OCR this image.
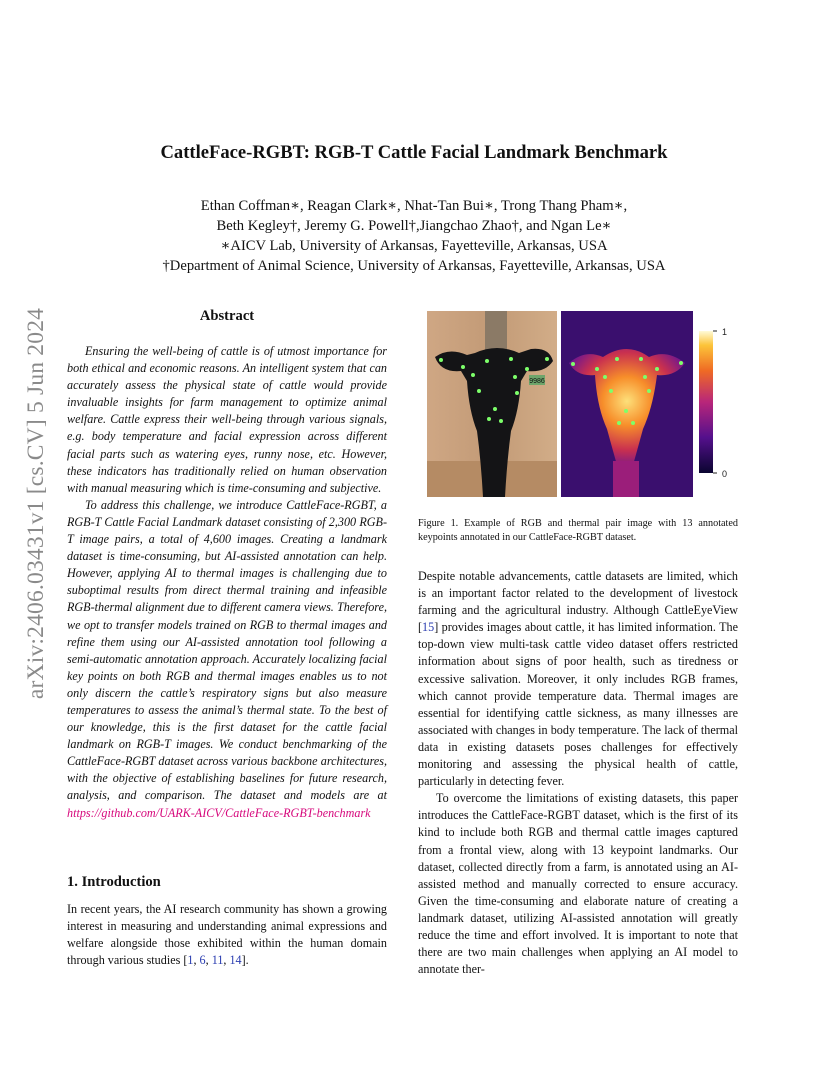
arXiv:2406.03431v1 [cs.CV] 5 Jun 2024
CattleFace-RGBT: RGB-T Cattle Facial Landmark Benchmark
Ethan Coffman∗, Reagan Clark∗, Nhat-Tan Bui∗, Trong Thang Pham∗,
Beth Kegley†, Jeremy G. Powell†,Jiangchao Zhao†, and Ngan Le∗
∗AICV Lab, University of Arkansas, Fayetteville, Arkansas, USA
†Department of Animal Science, University of Arkansas, Fayetteville, Arkansas, USA
Abstract

Ensuring the well-being of cattle is of utmost importance for both ethical and economic reasons. An intelligent system that can accurately assess the physical state of cattle would provide invaluable insights for farm management to optimize animal welfare. Cattle express their well-being through various signals, e.g. body temperature and facial expression across different facial parts such as watering eyes, runny nose, etc. However, these indicators has traditionally relied on human observation with manual measuring which is time-consuming and subjective.

To address this challenge, we introduce CattleFace-RGBT, a RGB-T Cattle Facial Landmark dataset consisting of 2,300 RGB-T image pairs, a total of 4,600 images. Creating a landmark dataset is time-consuming, but AI-assisted annotation can help. However, applying AI to thermal images is challenging due to suboptimal results from direct thermal training and infeasible RGB-thermal alignment due to different camera views. Therefore, we opt to transfer models trained on RGB to thermal images and refine them using our AI-assisted annotation tool following a semi-automatic annotation approach. Accurately localizing facial key points on both RGB and thermal images enables us to not only discern the cattle’s respiratory signs but also measure temperatures to assess the animal’s thermal state. To the best of our knowledge, this is the first dataset for the cattle facial landmark on RGB-T images. We conduct benchmarking of the CattleFace-RGBT dataset across various backbone architectures, with the objective of establishing baselines for future research, analysis, and comparison. The dataset and models are at https://github.com/UARK-AICV/CattleFace-RGBT-benchmark

1. Introduction

In recent years, the AI research community has shown a growing interest in measuring and understanding animal expressions and welfare alongside those exhibited within the human domain through various studies [1, 6, 11, 14].

9986
1
0
Figure 1. Example of RGB and thermal pair image with 13 annotated keypoints annotated in our CattleFace-RGBT dataset.

Despite notable advancements, cattle datasets are limited, which is an important factor related to the development of livestock farming and the agricultural industry. Although CattleEyeView [15] provides images about cattle, it has limited information. The top-down view multi-task cattle video dataset offers restricted information about signs of poor health, such as tiredness or excessive salivation. Moreover, it only includes RGB frames, which cannot provide temperature data. Thermal images are essential for identifying cattle sickness, as many illnesses are associated with changes in body temperature. The lack of thermal data in existing datasets poses challenges for effectively monitoring and assessing the physical health of cattle, particularly in detecting fever.

To overcome the limitations of existing datasets, this paper introduces the CattleFace-RGBT dataset, which is the first of its kind to include both RGB and thermal cattle images captured from a frontal view, along with 13 keypoint landmarks. Our dataset, collected directly from a farm, is annotated using an AI-assisted method and manually corrected to ensure accuracy. Given the time-consuming and elaborate nature of creating a landmark dataset, utilizing AI-assisted annotation will greatly reduce the time and effort involved. It is important to note that there are two main challenges when applying an AI model to annotate ther-
